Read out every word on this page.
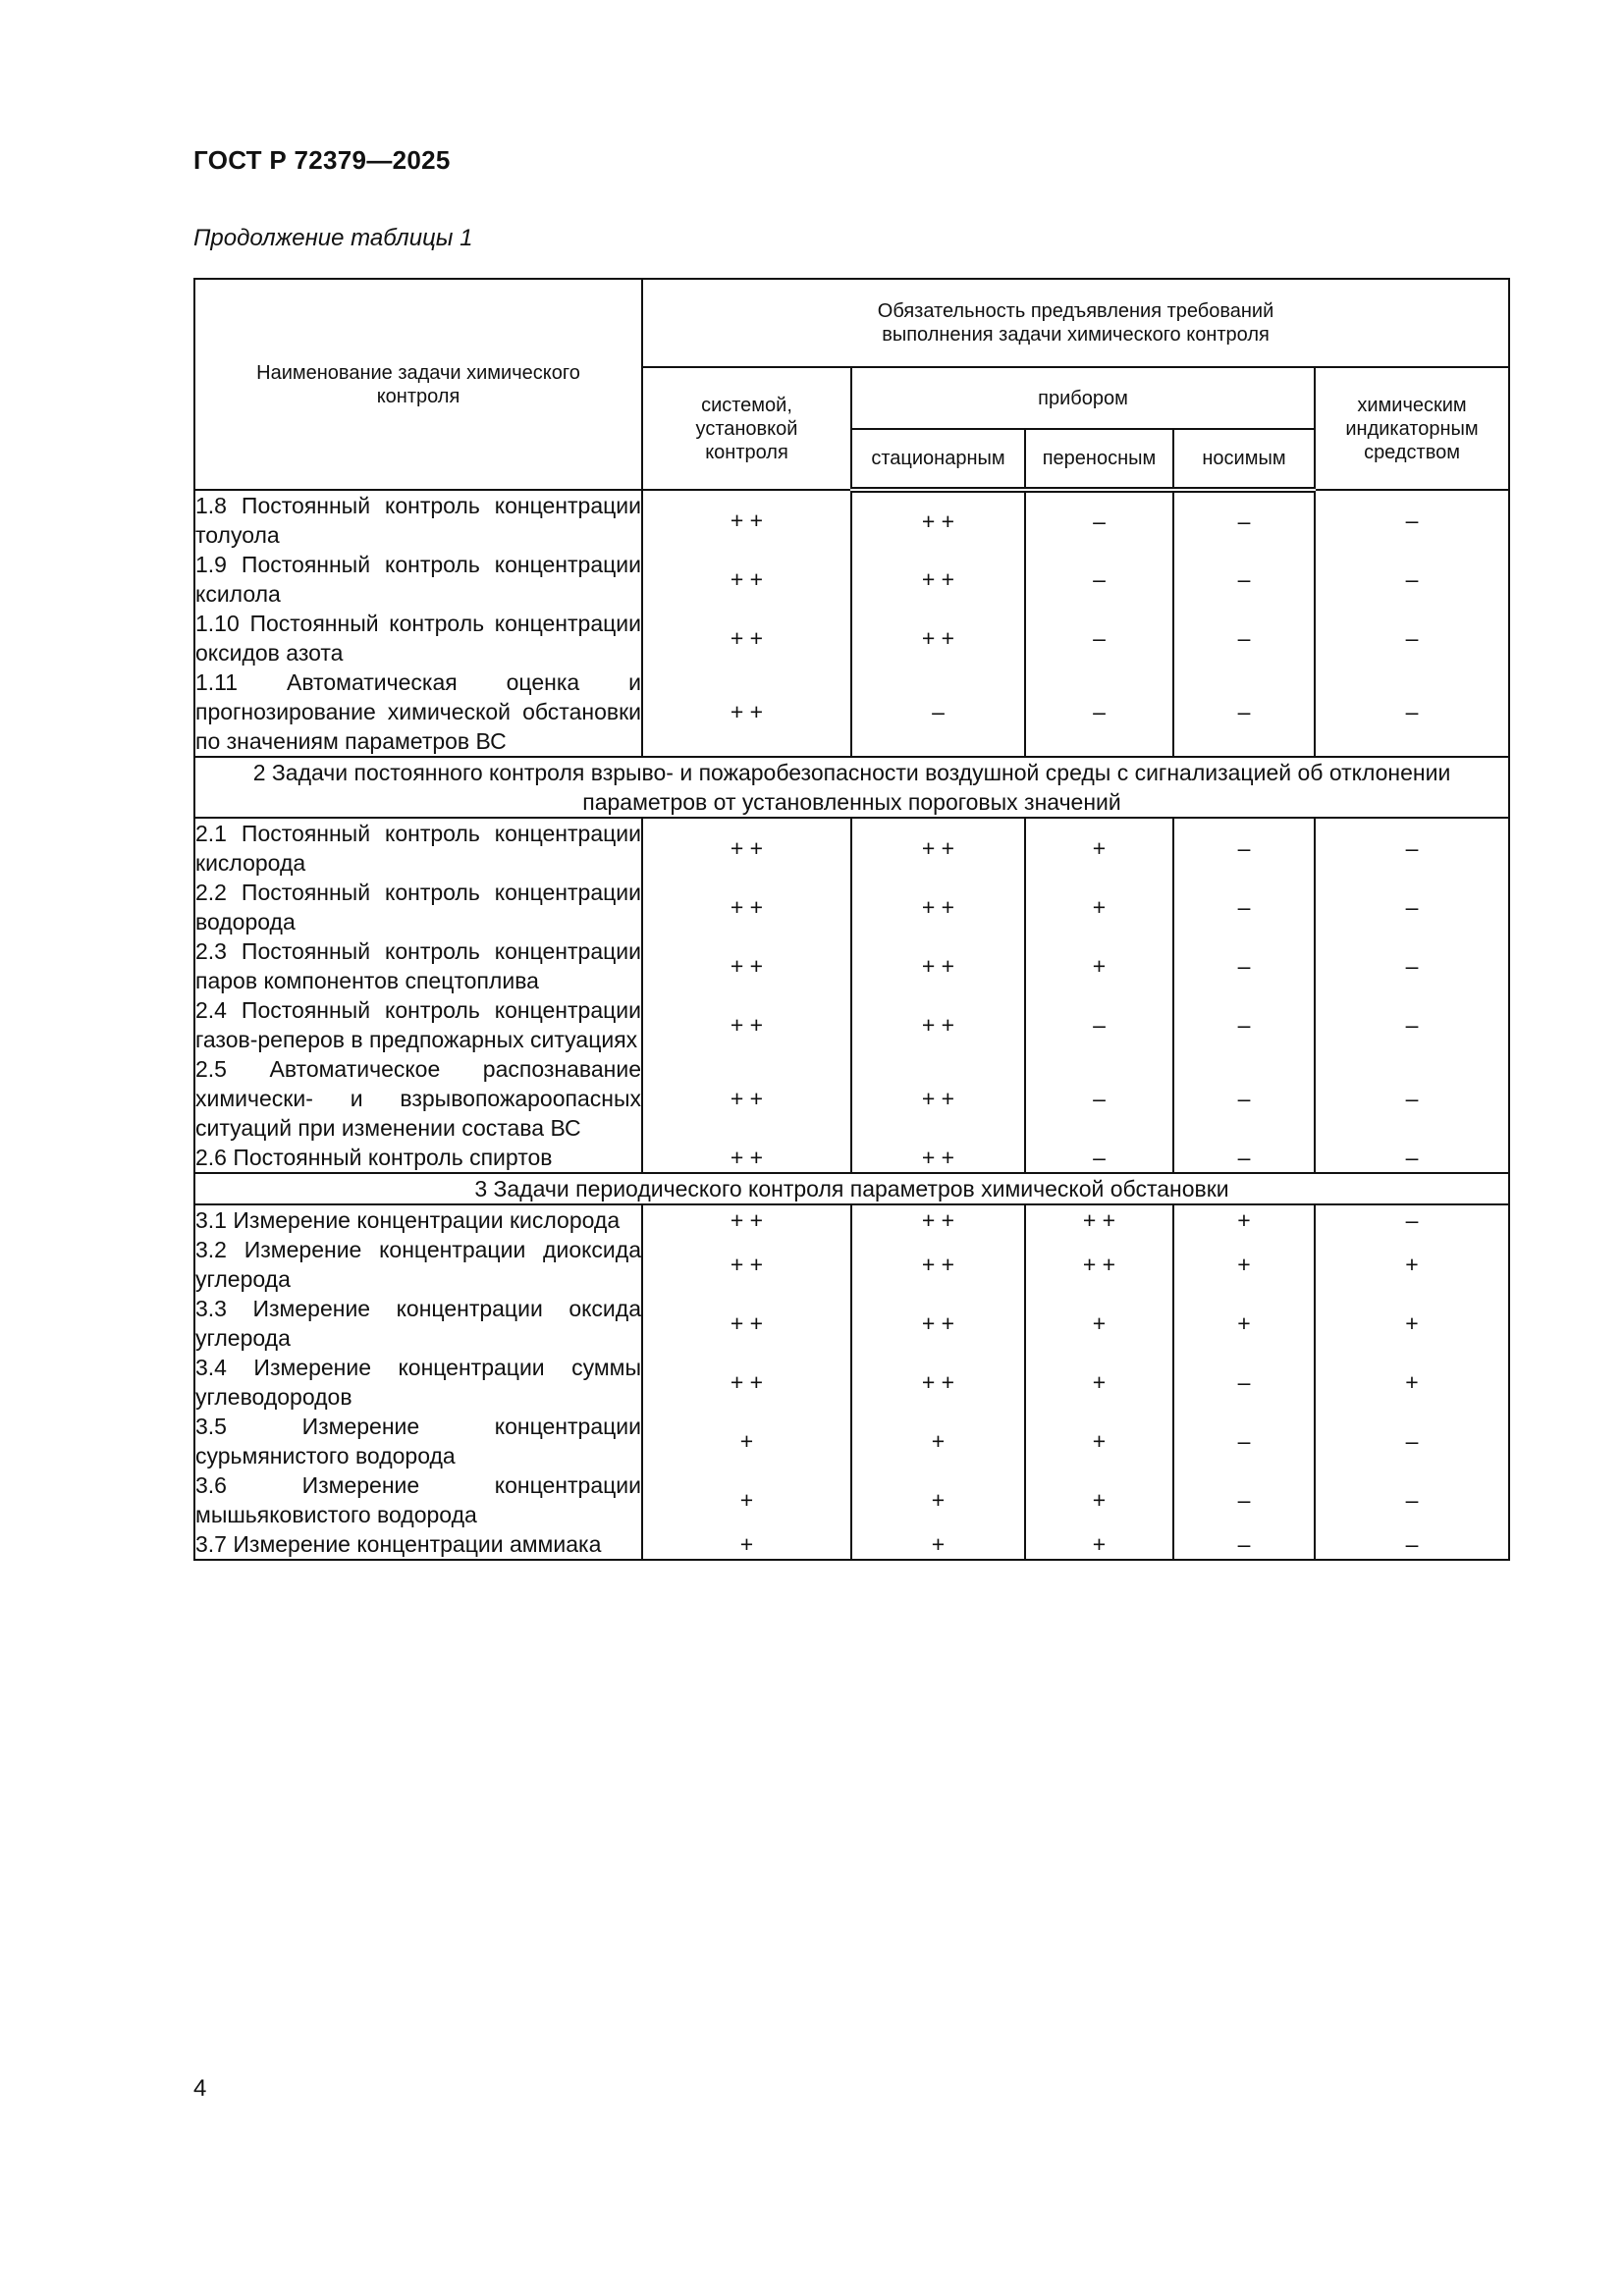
ГОСТ Р 72379—2025
Продолжение таблицы 1
Наименование задачи химического контроля	Обязательность предъявления требований выполнения задачи химического контроля				
	системой, установкой контроля	прибором			химическим индикаторным средством
		стационарным	переносным	носимым	
1.8 Постоянный контроль концентрации толуола	+ +	+ +	–	–	–
1.9 Постоянный контроль концентрации ксилола	+ +	+ +	–	–	–
1.10 Постоянный контроль концентрации оксидов азота	+ +	+ +	–	–	–
1.11 Автоматическая оценка и прогнозирование химической обстановки по значениям параметров ВС	+ +	–	–	–	–
2 Задачи постоянного контроля взрыво- и пожаробезопасности воздушной среды с сигнализацией об отклонении параметров от установленных пороговых значений					
2.1 Постоянный контроль концентрации кислорода	+ +	+ +	+	–	–
2.2 Постоянный контроль концентрации водорода	+ +	+ +	+	–	–
2.3 Постоянный контроль концентрации паров компонентов спецтоплива	+ +	+ +	+	–	–
2.4 Постоянный контроль концентрации газов-реперов в предпожарных ситуациях	+ +	+ +	–	–	–
2.5 Автоматическое распознавание химически- и взрывопожароопасных ситуаций при изменении состава ВС	+ +	+ +	–	–	–
2.6 Постоянный контроль спиртов	+ +	+ +	–	–	–
3 Задачи периодического контроля параметров химической обстановки					
3.1 Измерение концентрации кислорода	+ +	+ +	+ +	+	–
3.2 Измерение концентрации диоксида углерода	+ +	+ +	+ +	+	+
3.3 Измерение концентрации оксида углерода	+ +	+ +	+	+	+
3.4 Измерение концентрации суммы углеводородов	+ +	+ +	+	–	+
3.5 Измерение концентрации сурьмянистого водорода	+	+	+	–	–
3.6 Измерение концентрации мышьяковистого водорода	+	+	+	–	–
3.7 Измерение концентрации аммиака	+	+	+	–	–
4
